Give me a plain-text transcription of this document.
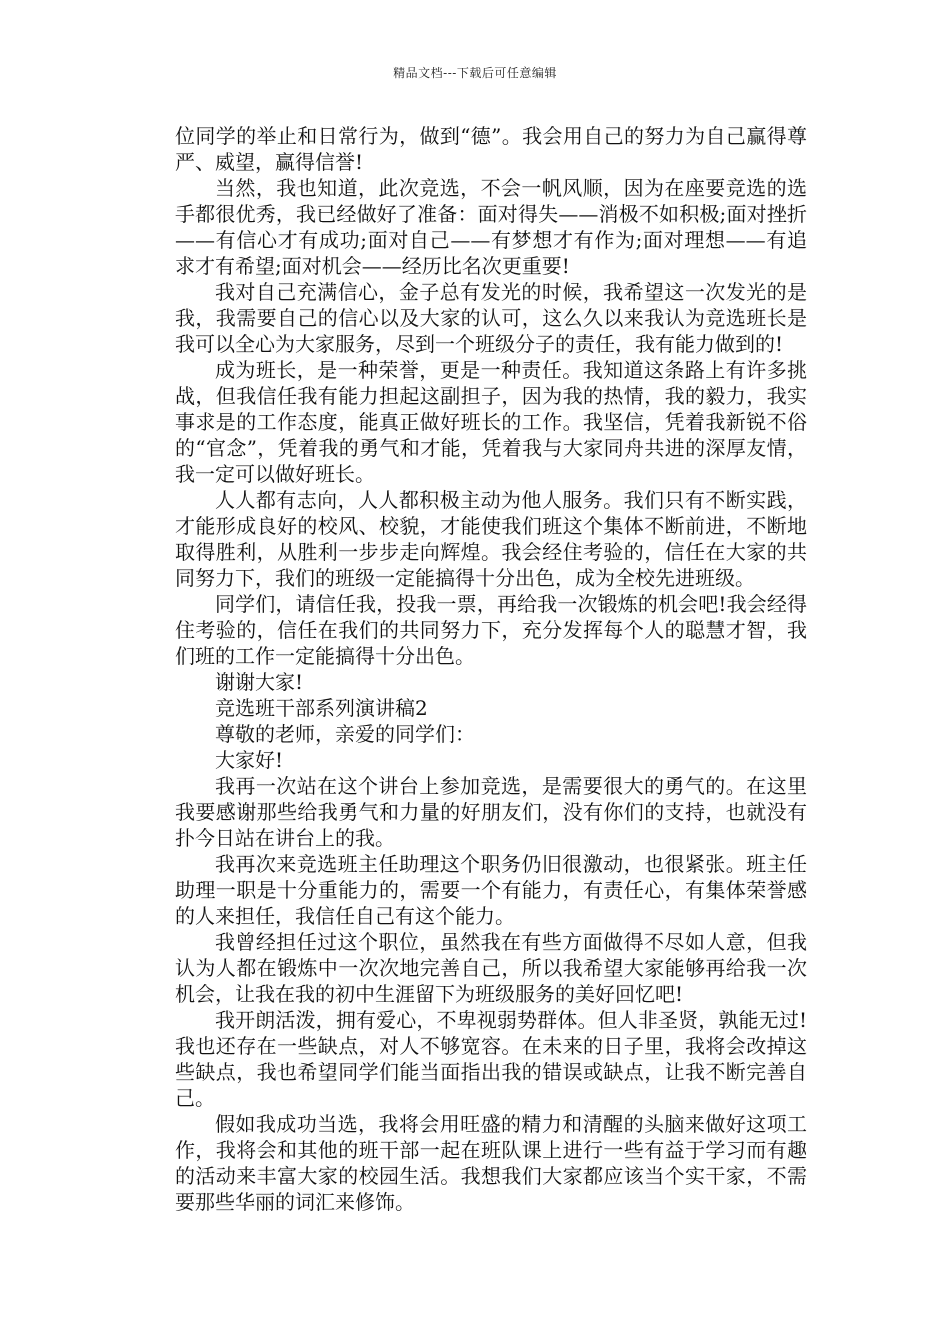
精品文档---下载后可任意编辑

位同学的举止和日常行为，做到“德”。我会用自己的努力为自己赢得尊严、威望，赢得信誉!

当然，我也知道，此次竞选，不会一帆风顺，因为在座要竞选的选手都很优秀，我已经做好了准备：面对得失——消极不如积极;面对挫折——有信心才有成功;面对自己——有梦想才有作为;面对理想——有追求才有希望;面对机会——经历比名次更重要!

我对自己充满信心，金子总有发光的时候，我希望这一次发光的是我，我需要自己的信心以及大家的认可，这么久以来我认为竞选班长是我可以全心为大家服务，尽到一个班级分子的责任，我有能力做到的!

成为班长，是一种荣誉，更是一种责任。我知道这条路上有许多挑战，但我信任我有能力担起这副担子，因为我的热情，我的毅力，我实事求是的工作态度，能真正做好班长的工作。我坚信，凭着我新锐不俗的“官念”，凭着我的勇气和才能，凭着我与大家同舟共进的深厚友情，我一定可以做好班长。

人人都有志向，人人都积极主动为他人服务。我们只有不断实践，才能形成良好的校风、校貌，才能使我们班这个集体不断前进，不断地取得胜利，从胜利一步步走向辉煌。我会经住考验的，信任在大家的共同努力下，我们的班级一定能搞得十分出色，成为全校先进班级。

同学们，请信任我，投我一票，再给我一次锻炼的机会吧!我会经得住考验的，信任在我们的共同努力下，充分发挥每个人的聪慧才智，我们班的工作一定能搞得十分出色。

谢谢大家!

竞选班干部系列演讲稿2

尊敬的老师，亲爱的同学们：

大家好!

我再一次站在这个讲台上参加竞选，是需要很大的勇气的。在这里我要感谢那些给我勇气和力量的好朋友们，没有你们的支持，也就没有扑今日站在讲台上的我。

我再次来竞选班主任助理这个职务仍旧很激动，也很紧张。班主任助理一职是十分重能力的，需要一个有能力，有责任心，有集体荣誉感的人来担任，我信任自己有这个能力。

我曾经担任过这个职位，虽然我在有些方面做得不尽如人意，但我认为人都在锻炼中一次次地完善自己，所以我希望大家能够再给我一次机会，让我在我的初中生涯留下为班级服务的美好回忆吧!

我开朗活泼，拥有爱心，不卑视弱势群体。但人非圣贤，孰能无过!我也还存在一些缺点，对人不够宽容。在未来的日子里，我将会改掉这些缺点，我也希望同学们能当面指出我的错误或缺点，让我不断完善自己。

假如我成功当选，我将会用旺盛的精力和清醒的头脑来做好这项工作，我将会和其他的班干部一起在班队课上进行一些有益于学习而有趣的活动来丰富大家的校园生活。我想我们大家都应该当个实干家，不需要那些华丽的词汇来修饰。
